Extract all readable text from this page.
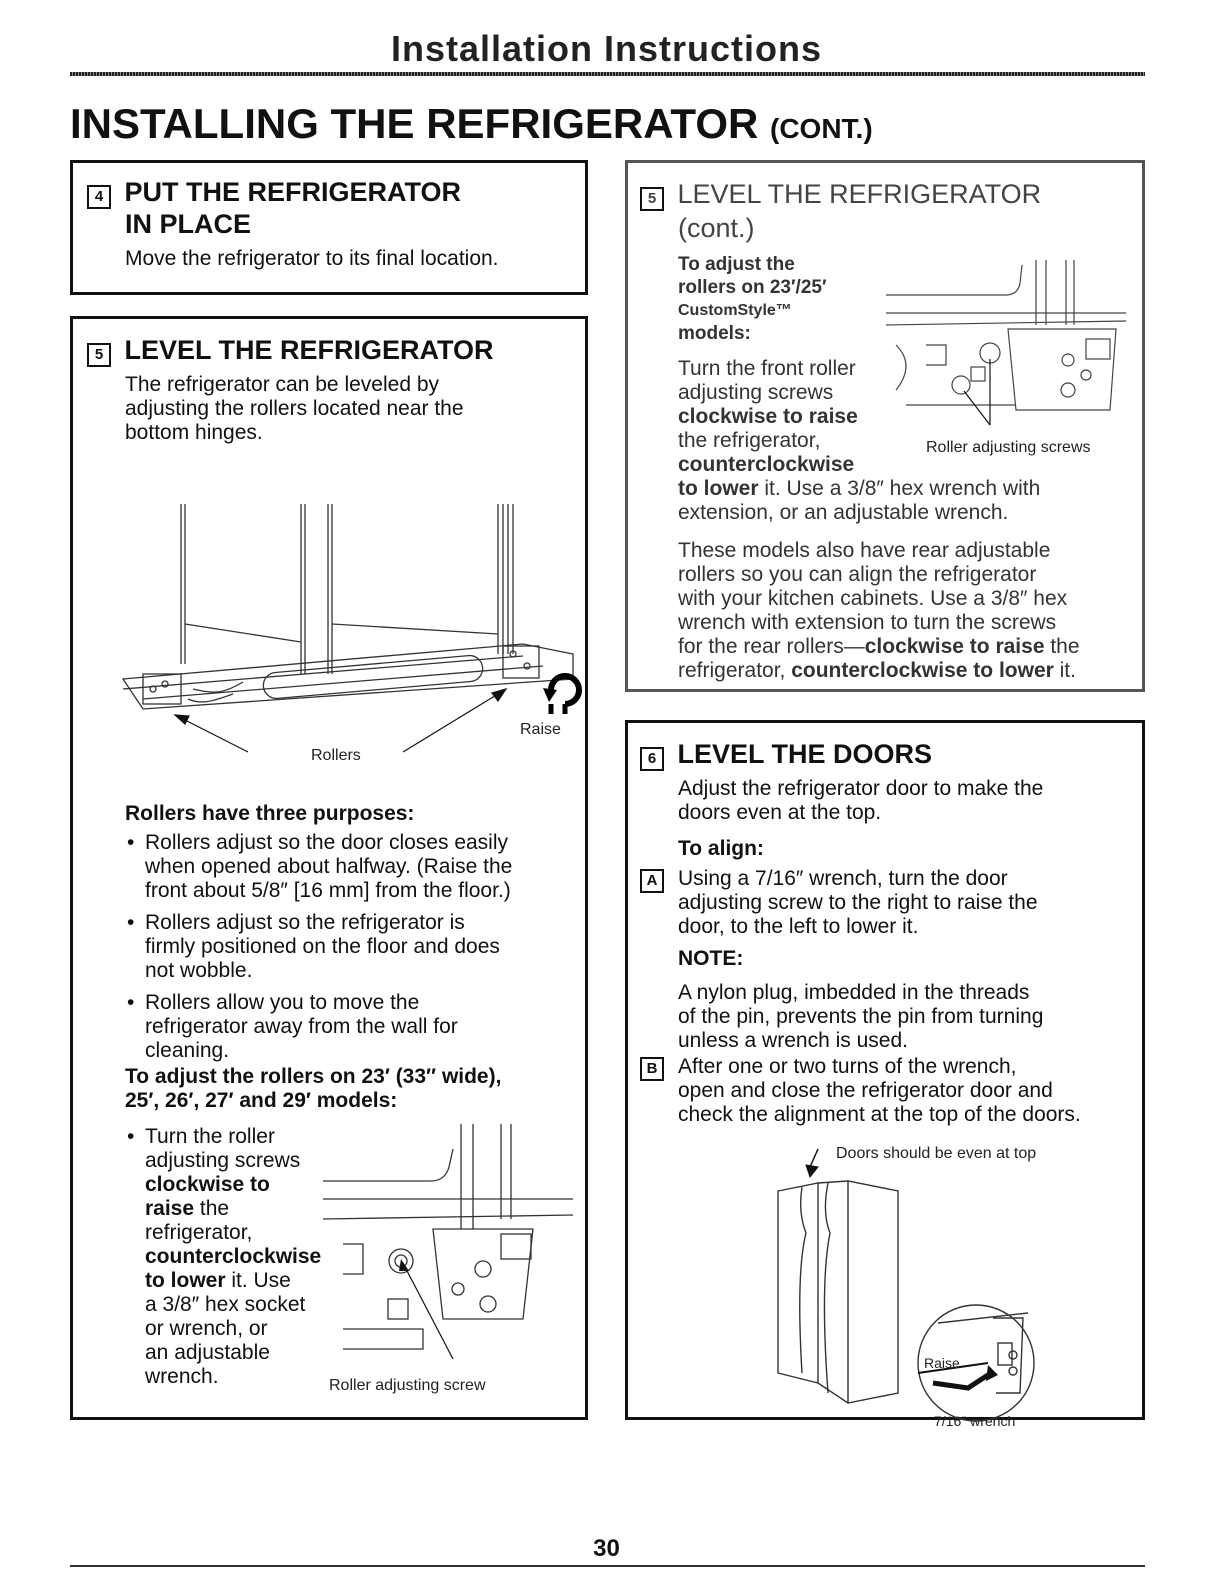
Installation Instructions
INSTALLING THE REFRIGERATOR (CONT.)
4 PUT THE REFRIGERATOR
IN PLACE
Move the refrigerator to its final location.
5 LEVEL THE REFRIGERATOR
The refrigerator can be leveled by
adjusting the rollers located near the
bottom hinges.
Raise
Rollers
Rollers have three purposes:
• Rollers adjust so the door closes easily
when opened about halfway. (Raise the
front about 5/8″ [16 mm] from the floor.)
• Rollers adjust so the refrigerator is
firmly positioned on the floor and does
not wobble.
• Rollers allow you to move the
refrigerator away from the wall for
cleaning.
To adjust the rollers on 23′ (33″ wide),
25′, 26′, 27′ and 29′ models:
• Turn the roller
adjusting screws
clockwise to
raise the
refrigerator,
counterclockwise
to lower it. Use
a 3/8″ hex socket
or wrench, or
an adjustable
wrench.	Roller adjusting screw
5 LEVEL THE REFRIGERATOR
(cont.)
To adjust the
rollers on 23′/25′
CustomStyle™
models:
Turn the front roller
adjusting screws
clockwise to raise
the refrigerator,
counterclockwise
to lower it. Use a 3/8″ hex wrench with
extension, or an adjustable wrench.
Roller adjusting screws
These models also have rear adjustable
rollers so you can align the refrigerator
with your kitchen cabinets. Use a 3/8″ hex
wrench with extension to turn the screws
for the rear rollers—clockwise to raise the
refrigerator, counterclockwise to lower it.
6 LEVEL THE DOORS
Adjust the refrigerator door to make the
doors even at the top.
To align:
A Using a 7/16″ wrench, turn the door
adjusting screw to the right to raise the
door, to the left to lower it.
NOTE:
A nylon plug, imbedded in the threads
of the pin, prevents the pin from turning
unless a wrench is used.
B After one or two turns of the wrench,
open and close the refrigerator door and
check the alignment at the top of the doors.
Doors should be even at top
Raise
7/16″ wrench
30
